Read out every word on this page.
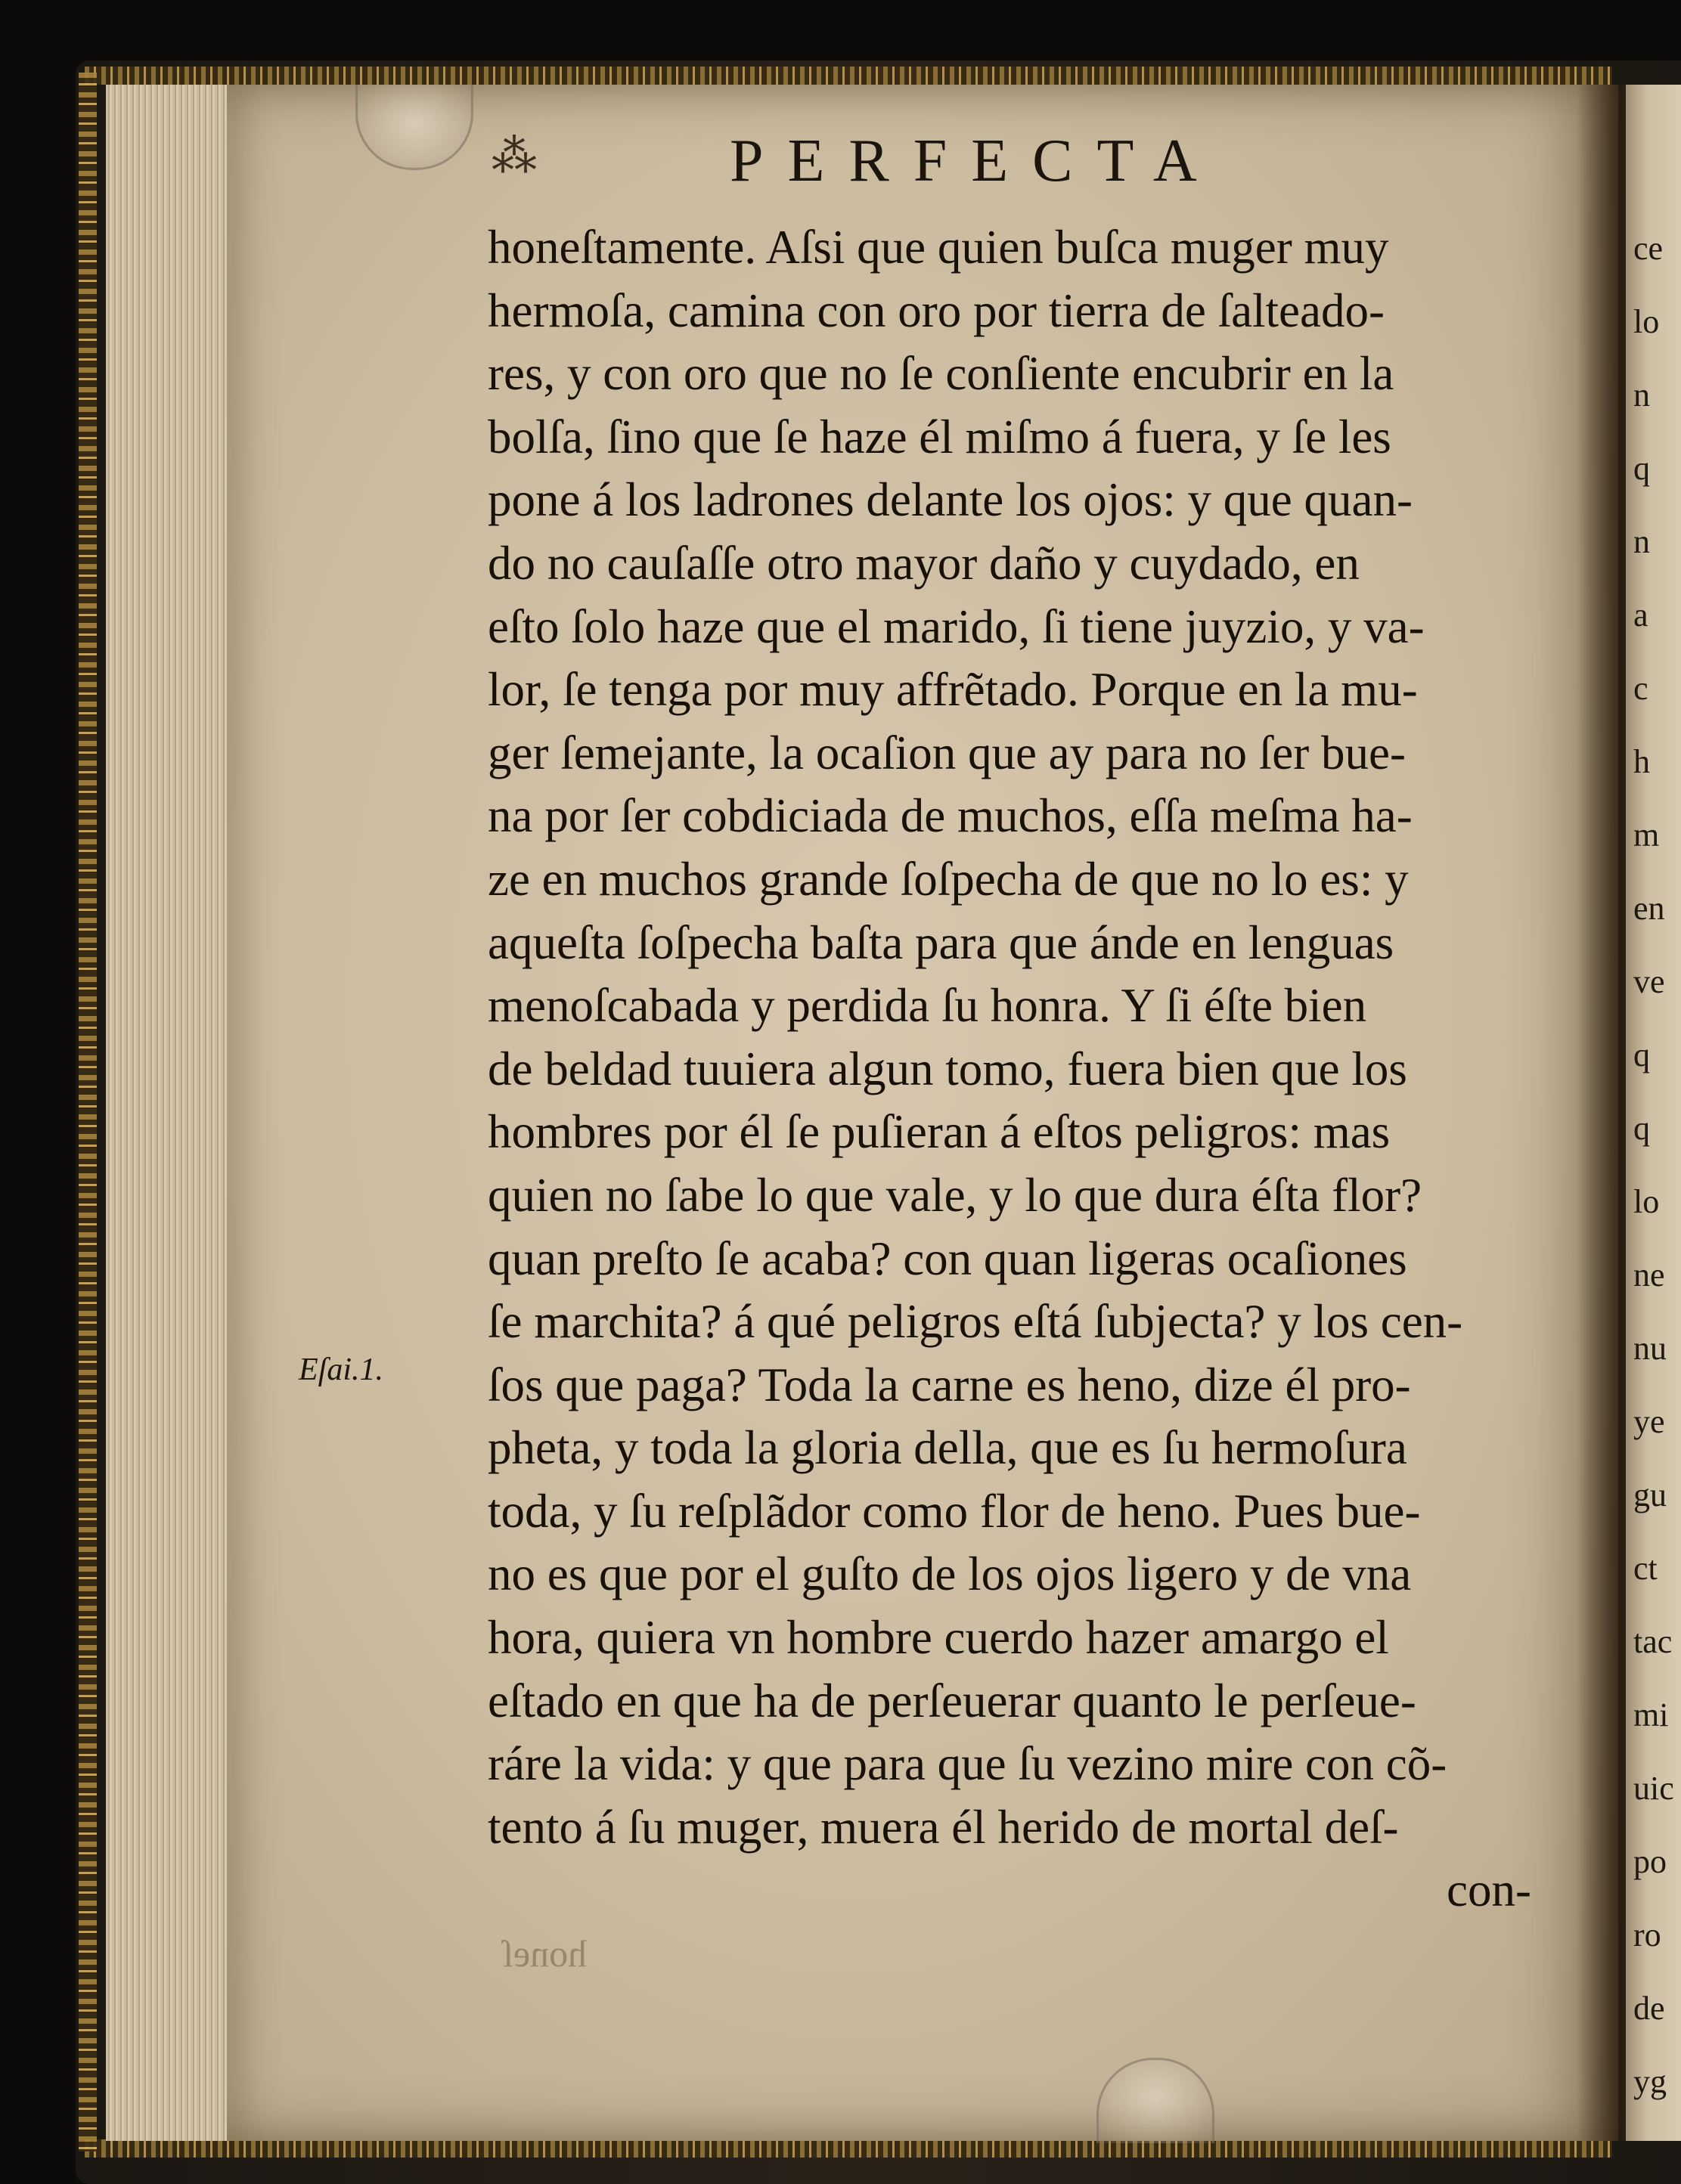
ce
lo
n
q
n
a
c
h
m
en
ve
q
q
lo
ne
nu
ye
gu
ct
tac
mi
uic
po
ro
de
yg
⁂	PERFECTA
Eſai.1.
honeſtamente. Aſsi que quien buſca muger muy
hermoſa, camina con oro por tierra de ſalteado-
res, y con oro que no ſe conſiente encubrir en la
bolſa, ſino que ſe haze él miſmo á fuera, y ſe les
pone á los ladrones delante los ojos: y que quan-
do no cauſaſſe otro mayor daño y cuydado, en
eſto ſolo haze que el marido, ſi tiene juyzio, y va-
lor, ſe tenga por muy affrẽtado. Porque en la mu-
ger ſemejante, la ocaſion que ay para no ſer bue-
na por ſer cobdiciada de muchos, eſſa meſma ha-
ze en muchos grande ſoſpecha de que no lo es: y
aqueſta ſoſpecha baſta para que ánde en lenguas
menoſcabada y perdida ſu honra. Y ſi éſte bien
de beldad tuuiera algun tomo, fuera bien que los
hombres por él ſe puſieran á eſtos peligros: mas
quien no ſabe lo que vale, y lo que dura éſta flor?
quan preſto ſe acaba? con quan ligeras ocaſiones
ſe marchita? á qué peligros eſtá ſubjecta? y los cen-
ſos que paga? Toda la carne es heno, dize él pro-
pheta, y toda la gloria della, que es ſu hermoſura
toda, y ſu reſplãdor como flor de heno. Pues bue-
no es que por el guſto de los ojos ligero y de vna
hora, quiera vn hombre cuerdo hazer amargo el
eſtado en que ha de perſeuerar quanto le perſeue-
ráre la vida: y que para que ſu vezino mire con cõ-
tento á ſu muger, muera él herido de mortal deſ-
con-
honeſ
